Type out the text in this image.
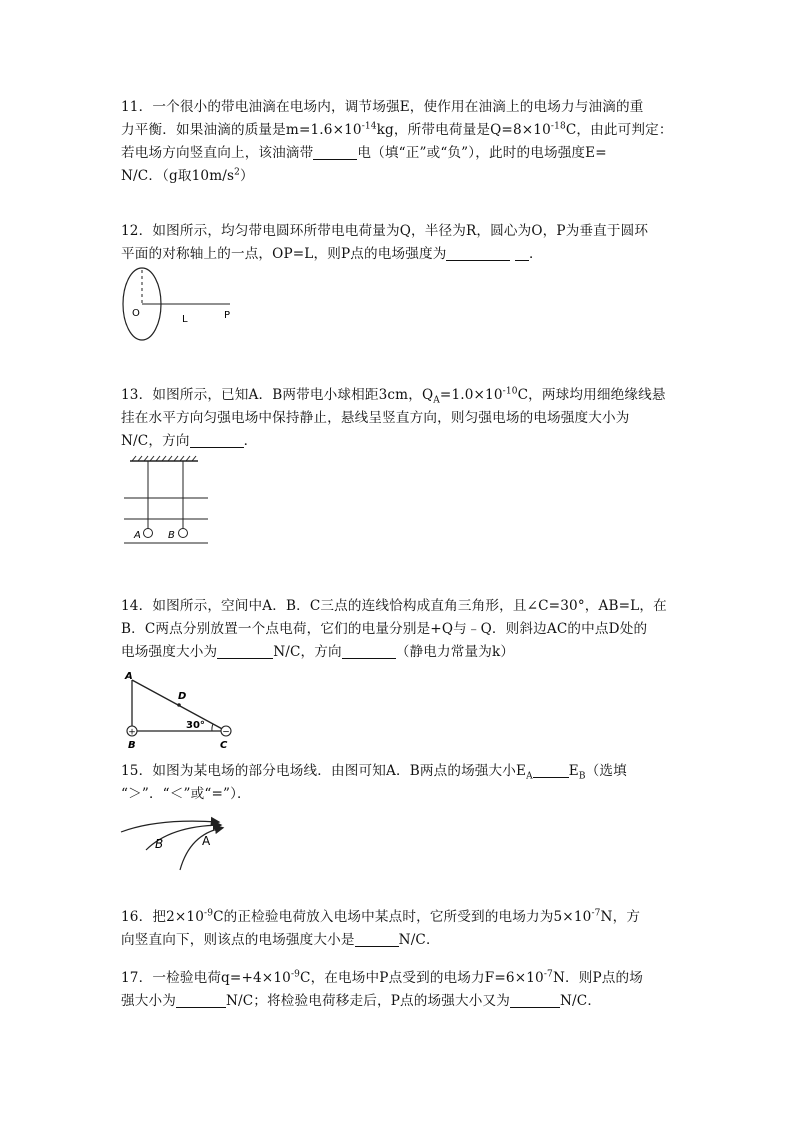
11．一个很小的带电油滴在电场内，调节场强E，使作用在油滴上的电场力与油滴的重

力平衡．如果油滴的质量是$m=1.6\times 10^{-14}kg$，所带电荷量是$Q=8\times 10^{-18}C$，由此可判定：

若电场方向竖直向上，该油滴带	电（填“正”或“负”），此时的电场强度E=

N/C．（g取$10m/s^2$）

12．如图所示，均匀带电圆环所带电电荷量为Q，半径为R，圆心为O，P为垂直于圆环

平面的对称轴上的一点，OP=L，则P点的电场强度为	．

O
L	P

13．如图所示，已知A．B两带电小球相距3cm，$Q_A=1.0\times 10^{-10}C$，两球均用细绝缘线悬

挂在水平方向匀强电场中保持静止，悬线呈竖直方向，则匀强电场的电场强度大小为

N/C，方向	．

A	B

14．如图所示，空间中A．B．C三点的连线恰构成直角三角形，且∠C=30°，AB=L，在

B．C两点分别放置一个点电荷，它们的电量分别是+Q与﹣Q．则斜边AC的中点D处的

电场强度大小为	N/C，方向	（静电力常量为k）

+	−
A
D
30°
B	C

15．如图为某电场的部分电场线．由图可知A．B两点的场强大小$E_A$	$E_B$（选填

“＞”．“＜”或“=”）．

B	A

16．把$2\times 10^{-9}C$的正检验电荷放入电场中某点时，它所受到的电场力为$5\times 10^{-7}N$，方

向竖直向下，则该点的电场强度大小是	N/C．

17．一检验电荷$q=+4\times 10^{-9}C$，在电场中P点受到的电场力$F=6\times 10^{-7}N$．则P点的场

强大小为	N/C；将检验电荷移走后，P点的场强大小又为	N/C．
